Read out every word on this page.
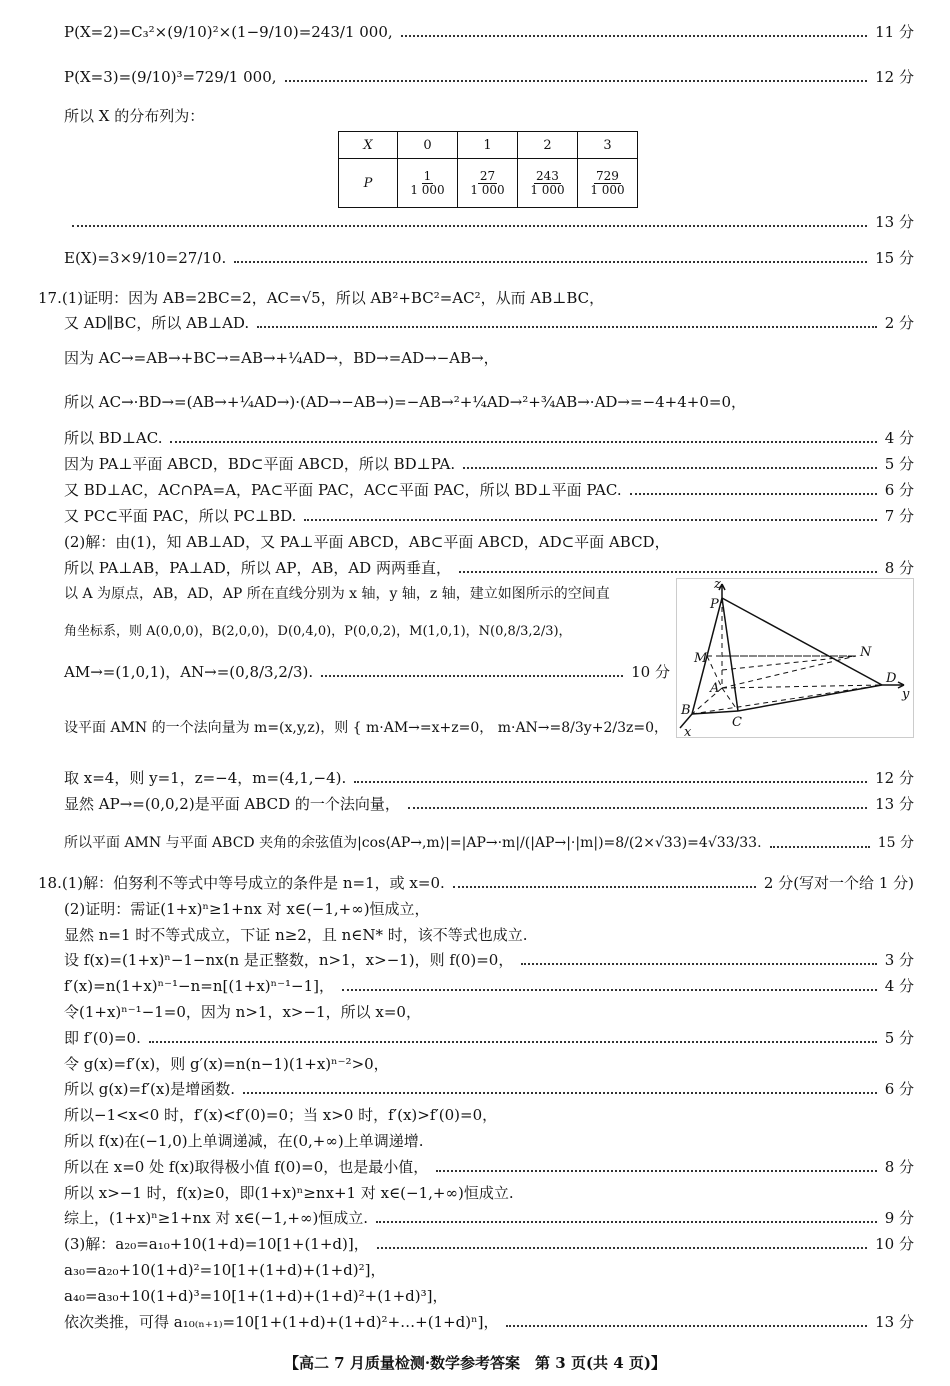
P(X=2)=C₃²×(9/10)²×(1−9/10)=243/1 000,	11 分
P(X=3)=(9/10)³=729/1 000,	12 分
所以 X 的分布列为：
X	0	1	2	3
P	$\frac{1}{1 000}$	$\frac{27}{1 000}$	$\frac{243}{1 000}$	$\frac{729}{1 000}$
13 分
E(X)=3×9/10=27/10.	15 分
17.(1)证明：因为 AB=2BC=2，AC=√5，所以 AB²+BC²=AC²，从而 AB⊥BC，
又 AD∥BC，所以 AB⊥AD.	2 分
因为 AC→=AB→+BC→=AB→+¼AD→，BD→=AD→−AB→，
所以 AC→·BD→=(AB→+¼AD→)·(AD→−AB→)=−AB→²+¼AD→²+¾AB→·AD→=−4+4+0=0，
所以 BD⊥AC.	4 分
因为 PA⊥平面 ABCD，BD⊂平面 ABCD，所以 BD⊥PA.	5 分
又 BD⊥AC，AC∩PA=A，PA⊂平面 PAC，AC⊂平面 PAC，所以 BD⊥平面 PAC.	6 分
又 PC⊂平面 PAC，所以 PC⊥BD.	7 分
(2)解：由(1)，知 AB⊥AD，又 PA⊥平面 ABCD，AB⊂平面 ABCD，AD⊂平面 ABCD，
所以 PA⊥AB，PA⊥AD，所以 AP，AB，AD 两两垂直，	8 分
以 A 为原点，AB，AD，AP 所在直线分别为 x 轴，y 轴，z 轴，建立如图所示的空间直
角坐标系，则 A(0,0,0)，B(2,0,0)，D(0,4,0)，P(0,0,2)，M(1,0,1)，N(0,8/3,2/3)，
AM→=(1,0,1)，AN→=(0,8/3,2/3).	10 分
设平面 AMN 的一个法向量为 m=(x,y,z)，则 { m·AM→=x+z=0， m·AN→=8/3y+2/3z=0，
取 x=4，则 y=1，z=−4，m=(4,1,−4).	12 分
显然 AP→=(0,0,2)是平面 ABCD 的一个法向量，	13 分
所以平面 AMN 与平面 ABCD 夹角的余弦值为|cos⟨AP→,m⟩|=|AP→·m|/(|AP→|·|m|)=8/(2×√33)=4√33/33.	15 分
z
P
M	N
A
D
y
B
C
x
18.(1)解：伯努利不等式中等号成立的条件是 n=1，或 x=0.	2 分(写对一个给 1 分)
(2)证明：需证(1+x)ⁿ≥1+nx 对 x∈(−1,+∞)恒成立，
显然 n=1 时不等式成立，下证 n≥2，且 n∈N* 时，该不等式也成立.
设 f(x)=(1+x)ⁿ−1−nx(n 是正整数，n>1，x>−1)，则 f(0)=0，	3 分
f′(x)=n(1+x)ⁿ⁻¹−n=n[(1+x)ⁿ⁻¹−1]，	4 分
令(1+x)ⁿ⁻¹−1=0，因为 n>1，x>−1，所以 x=0，
即 f′(0)=0.	5 分
令 g(x)=f′(x)，则 g′(x)=n(n−1)(1+x)ⁿ⁻²>0，
所以 g(x)=f′(x)是增函数.	6 分
所以−1<x<0 时，f′(x)<f′(0)=0；当 x>0 时，f′(x)>f′(0)=0，
所以 f(x)在(−1,0)上单调递减，在(0,+∞)上单调递增.
所以在 x=0 处 f(x)取得极小值 f(0)=0，也是最小值，	8 分
所以 x>−1 时，f(x)≥0，即(1+x)ⁿ≥nx+1 对 x∈(−1,+∞)恒成立.
综上，(1+x)ⁿ≥1+nx 对 x∈(−1,+∞)恒成立.	9 分
(3)解：a₂₀=a₁₀+10(1+d)=10[1+(1+d)]，	10 分
a₃₀=a₂₀+10(1+d)²=10[1+(1+d)+(1+d)²]，
a₄₀=a₃₀+10(1+d)³=10[1+(1+d)+(1+d)²+(1+d)³]，
依次类推，可得 a₁₀₍ₙ₊₁₎=10[1+(1+d)+(1+d)²+…+(1+d)ⁿ]，	13 分
【高二 7 月质量检测·数学参考答案　第 3 页(共 4 页)】
